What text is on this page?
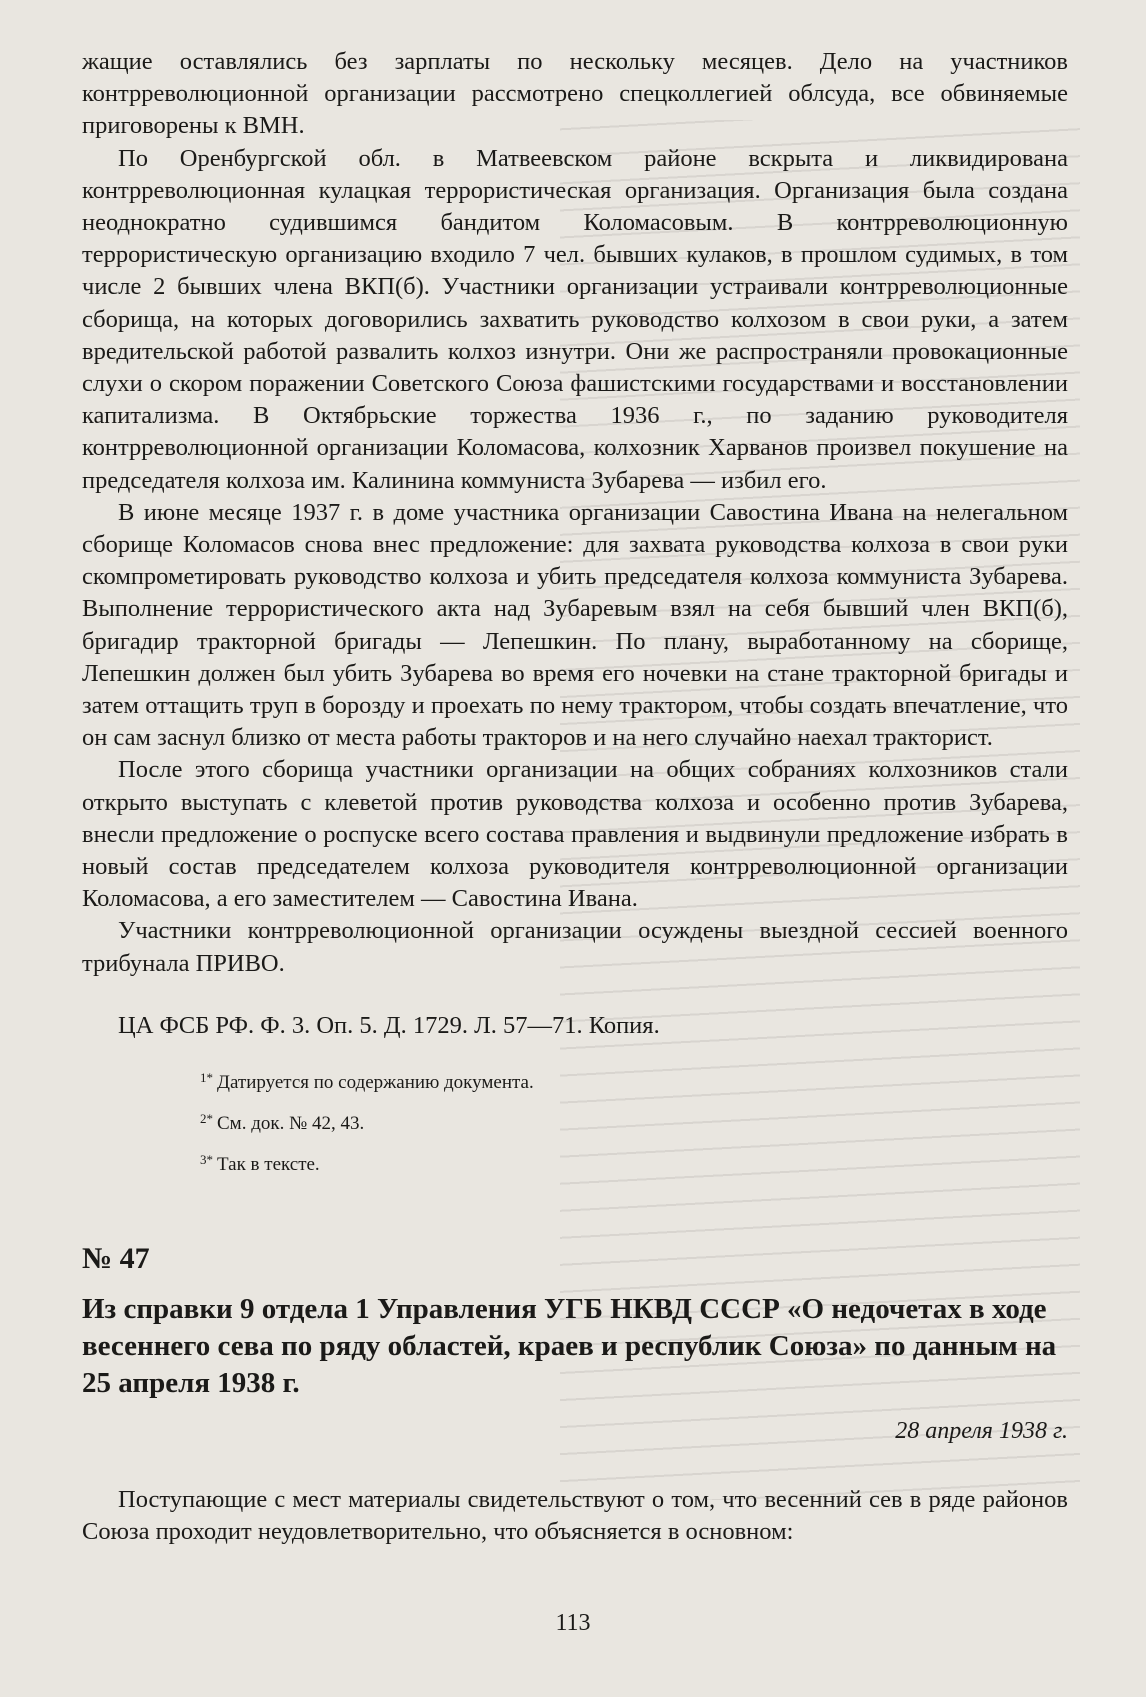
жащие оставлялись без зарплаты по нескольку месяцев. Дело на участников контрреволюционной организации рассмотрено спецколлегией облсуда, все обвиняемые приговорены к ВМН.

По Оренбургской обл. в Матвеевском районе вскрыта и ликвидирована контрреволюционная кулацкая террористическая организация. Организация была создана неоднократно судившимся бандитом Коломасовым. В контрреволюционную террористическую организацию входило 7 чел. бывших кулаков, в прошлом судимых, в том числе 2 бывших члена ВКП(б). Участники организации устраивали контрреволюционные сборища, на которых договорились захватить руководство колхозом в свои руки, а затем вредительской работой развалить колхоз изнутри. Они же распространяли провокационные слухи о скором поражении Советского Союза фашистскими государствами и восстановлении капитализма. В Октябрьские торжества 1936 г., по заданию руководителя контрреволюционной организации Коломасова, колхозник Харванов произвел покушение на председателя колхоза им. Калинина коммуниста Зубарева — избил его.

В июне месяце 1937 г. в доме участника организации Савостина Ивана на нелегальном сборище Коломасов снова внес предложение: для захвата руководства колхоза в свои руки скомпрометировать руководство колхоза и убить председателя колхоза коммуниста Зубарева. Выполнение террористического акта над Зубаревым взял на себя бывший член ВКП(б), бригадир тракторной бригады — Лепешкин. По плану, выработанному на сборище, Лепешкин должен был убить Зубарева во время его ночевки на стане тракторной бригады и затем оттащить труп в борозду и проехать по нему трактором, чтобы создать впечатление, что он сам заснул близко от места работы тракторов и на него случайно наехал тракторист.

После этого сборища участники организации на общих собраниях колхозников стали открыто выступать с клеветой против руководства колхоза и особенно против Зубарева, внесли предложение о роспуске всего состава правления и выдвинули предложение избрать в новый состав председателем колхоза руководителя контрреволюционной организации Коломасова, а его заместителем — Савостина Ивана.

Участники контрреволюционной организации осуждены выездной сессией военного трибунала ПРИВО.

ЦА ФСБ РФ. Ф. 3. Оп. 5. Д. 1729. Л. 57—71. Копия.
$^{1*}$ Датируется по содержанию документа.
$^{2*}$ См. док. № 42, 43.
$^{3*}$ Так в тексте.
№ 47
Из справки 9 отдела 1 Управления УГБ НКВД СССР «О недочетах в ходе весеннего сева по ряду областей, краев и республик Союза» по данным на 25 апреля 1938 г.
28 апреля 1938 г.
Поступающие с мест материалы свидетельствуют о том, что весенний сев в ряде районов Союза проходит неудовлетворительно, что объясняется в основном:
113
